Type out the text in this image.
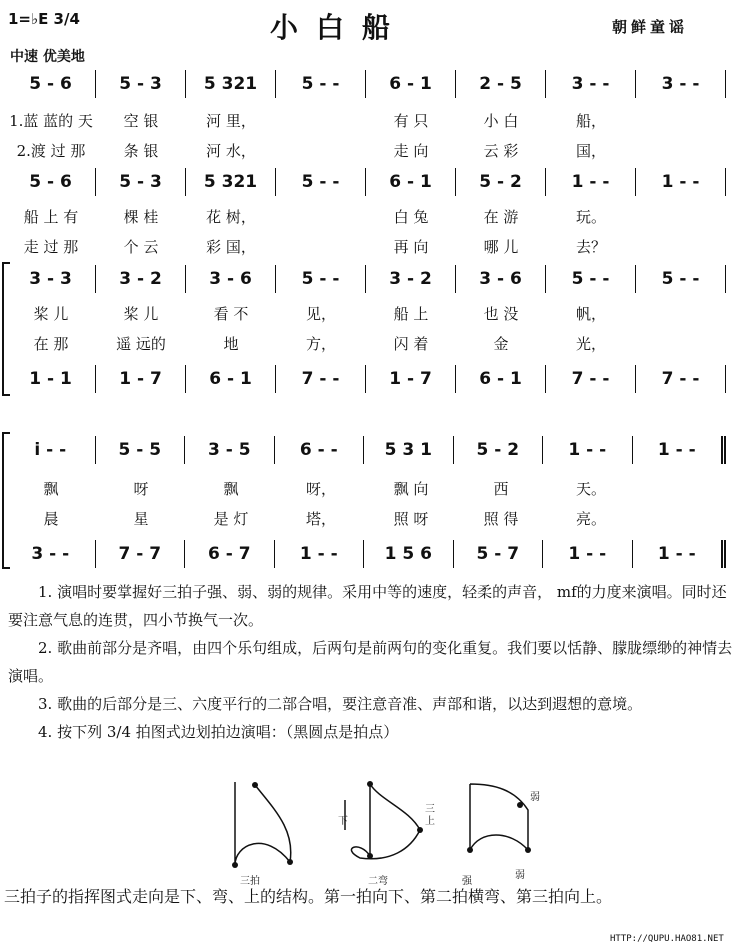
1=♭E 3/4	小白船	朝鲜童谣
中速 优美地
5 - 6	5 - 3	5 321	5 - -	6 - 1	2 - 5	3 - -	3 - -
1.蓝 蓝的 天	空 银	河 里，	有 只	小 白	船，
2.渡 过 那	条 银	河 水，	走 向	云 彩	国，
5 - 6	5 - 3	5 321	5 - -	6 - 1	5 - 2	1 - -	1 - -
船 上 有	棵 桂	花 树，	白 兔	在 游	玩。
走 过 那	个 云	彩 国，	再 向	哪 儿	去？
3 - 3	3 - 2	3 - 6	5 - -	3 - 2	3 - 6	5 - -	5 - -
桨 儿	桨 儿	看 不	见，	船 上	也 没	帆，
在 那	遥 远的	地	方，	闪 着	金	光，
1 - 1	1 - 7	6 - 1	7 - -	1 - 7	6 - 1	7 - -	7 - -
i - -	5 - 5	3 - 5	6 - -	5 3 1	5 - 2	1 - -	1 - -
飘	呀	飘	呀，	飘 向	西	天。
晨	星	是 灯	塔，	照 呀	照 得	亮。
3 - -	7 - 7	6 - 7	1 - -	1 5 6	5 - 7	1 - -	1 - -

1. 演唱时要掌握好三拍子强、弱、弱的规律。采用中等的速度，轻柔的声音， mf的力度来演唱。同时还要注意气息的连贯，四小节换气一次。

2. 歌曲前部分是齐唱，由四个乐句组成，后两句是前两句的变化重复。我们要以恬静、朦胧缥缈的神情去演唱。

3. 歌曲的后部分是三、六度平行的二部合唱，要注意音准、声部和谐，以达到遐想的意境。

4. 按下列 3/4 拍图式边划拍边演唱：（黑圆点是拍点）

三拍
下
二弯
三
上
弱
强
弱
三拍子的指挥图式走向是下、弯、上的结构。第一拍向下、第二拍横弯、第三拍向上。
HTTP://QUPU.HAO81.NET
